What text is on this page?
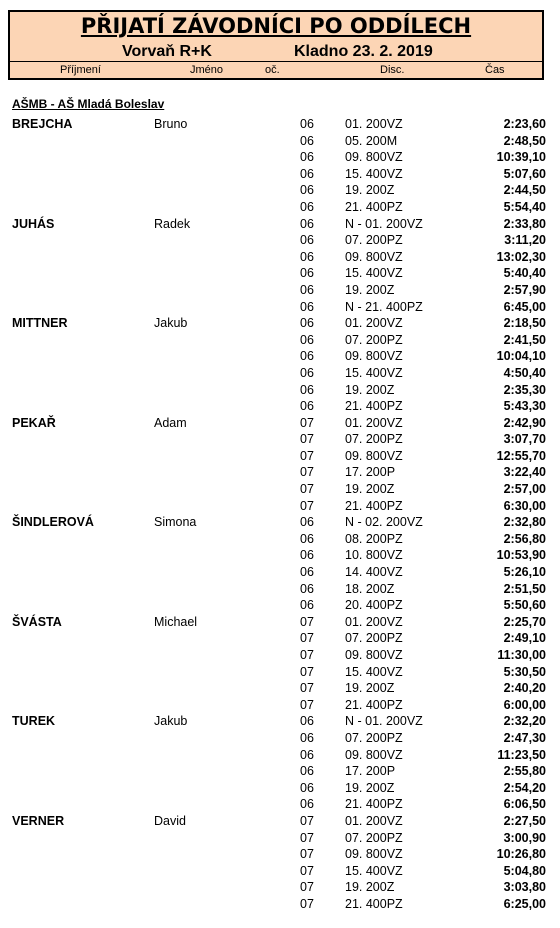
PŘIJATÍ ZÁVODNÍCI PO ODDÍLECH
Vorvaň R+K	Kladno 23. 2. 2019
Příjmení	Jméno	oč.	Disc.	Čas
AŠMB - AŠ Mladá Boleslav
BREJCHA	Bruno	06 01. 200VZ	2:23,60
06 05. 200M	2:48,50
06 09. 800VZ	10:39,10
06 15. 400VZ	5:07,60
06 19. 200Z	2:44,50
06 21. 400PZ	5:54,40
JUHÁS	Radek	06 N - 01. 200VZ	2:33,80
06 07. 200PZ	3:11,20
06 09. 800VZ	13:02,30
06 15. 400VZ	5:40,40
06 19. 200Z	2:57,90
06 N - 21. 400PZ	6:45,00
MITTNER	Jakub	06 01. 200VZ	2:18,50
06 07. 200PZ	2:41,50
06 09. 800VZ	10:04,10
06 15. 400VZ	4:50,40
06 19. 200Z	2:35,30
06 21. 400PZ	5:43,30
PEKAŘ	Adam	07 01. 200VZ	2:42,90
07 07. 200PZ	3:07,70
07 09. 800VZ	12:55,70
07 17. 200P	3:22,40
07 19. 200Z	2:57,00
07 21. 400PZ	6:30,00
ŠINDLEROVÁ	Simona	06 N - 02. 200VZ	2:32,80
06 08. 200PZ	2:56,80
06 10. 800VZ	10:53,90
06 14. 400VZ	5:26,10
06 18. 200Z	2:51,50
06 20. 400PZ	5:50,60
ŠVÁSTA	Michael	07 01. 200VZ	2:25,70
07 07. 200PZ	2:49,10
07 09. 800VZ	11:30,00
07 15. 400VZ	5:30,50
07 19. 200Z	2:40,20
07 21. 400PZ	6:00,00
TUREK	Jakub	06 N - 01. 200VZ	2:32,20
06 07. 200PZ	2:47,30
06 09. 800VZ	11:23,50
06 17. 200P	2:55,80
06 19. 200Z	2:54,20
06 21. 400PZ	6:06,50
VERNER	David	07 01. 200VZ	2:27,50
07 07. 200PZ	3:00,90
07 09. 800VZ	10:26,80
07 15. 400VZ	5:04,80
07 19. 200Z	3:03,80
07 21. 400PZ	6:25,00
